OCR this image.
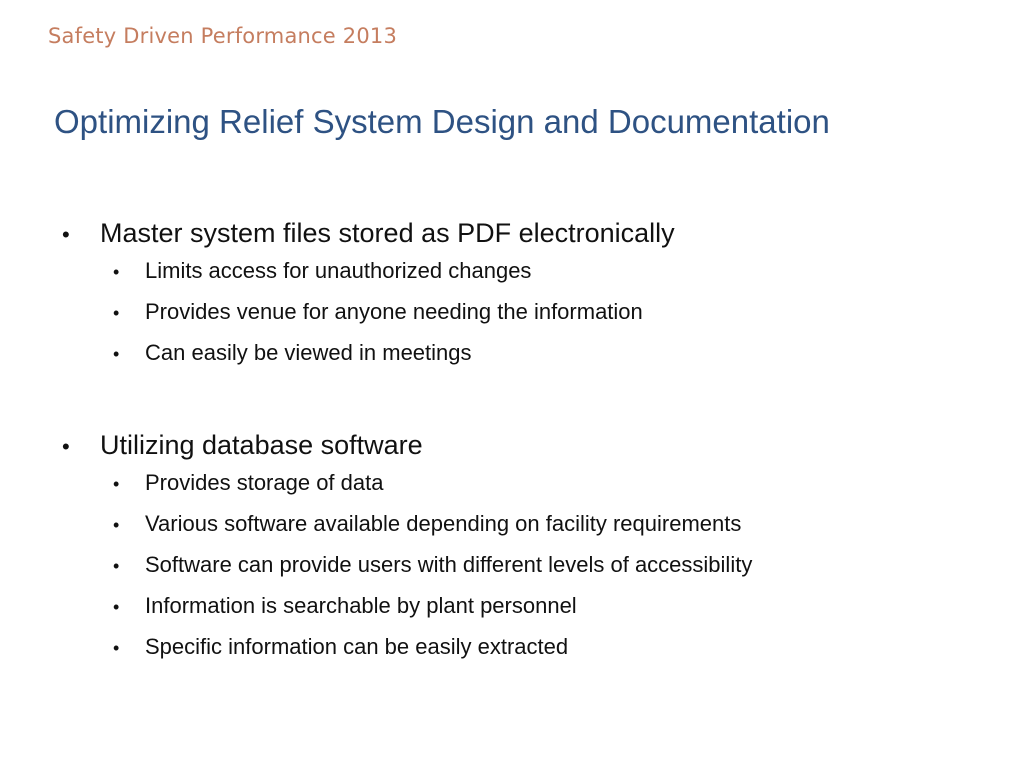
Safety Driven Performance 2013
Optimizing Relief System Design and Documentation
•	Master system files stored as PDF electronically
•	Limits access for unauthorized changes
•	Provides venue for anyone needing the information
•	Can easily be viewed in meetings
•	Utilizing database software
•	Provides storage of data
•	Various software available depending on facility requirements
•	Software can provide users with different levels of accessibility
•	Information is searchable by plant personnel
•	Specific information can be easily extracted
